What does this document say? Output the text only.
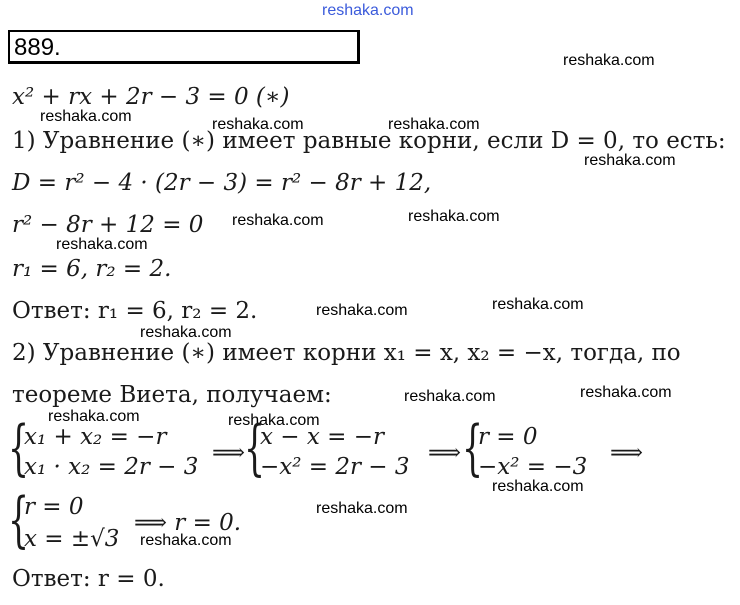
reshaka.com
889.	reshaka.com
x² + rx + 2r − 3 = 0 (∗)
reshaka.com	reshaka.com	reshaka.com
1) Уравнение (∗) имеет равные корни, если D = 0, то есть:
reshaka.com
D = r² − 4 · (2r − 3) = r² − 8r + 12,
r² − 8r + 12 = 0 reshaka.com	reshaka.com
reshaka.com
r₁ = 6, r₂ = 2.
Ответ: r₁ = 6, r₂ = 2.	reshaka.com	reshaka.com
reshaka.com
2) Уравнение (∗) имеет корни x₁ = x, x₂ = −x, тогда, по
теореме Виета, получаем:	reshaka.com	reshaka.com
reshaka.com	reshaka.com
{
x₁ + x₂ = −r
x₁ · x₂ = 2r − 3
⟹ {
x − x = −r
−x² = 2r − 3
⟹ {
r = 0
−x² = −3
⟹
reshaka.com
{
r = 0
x = ±√3
⟹ r = 0.
reshaka.com
reshaka.com
Ответ: r = 0.
